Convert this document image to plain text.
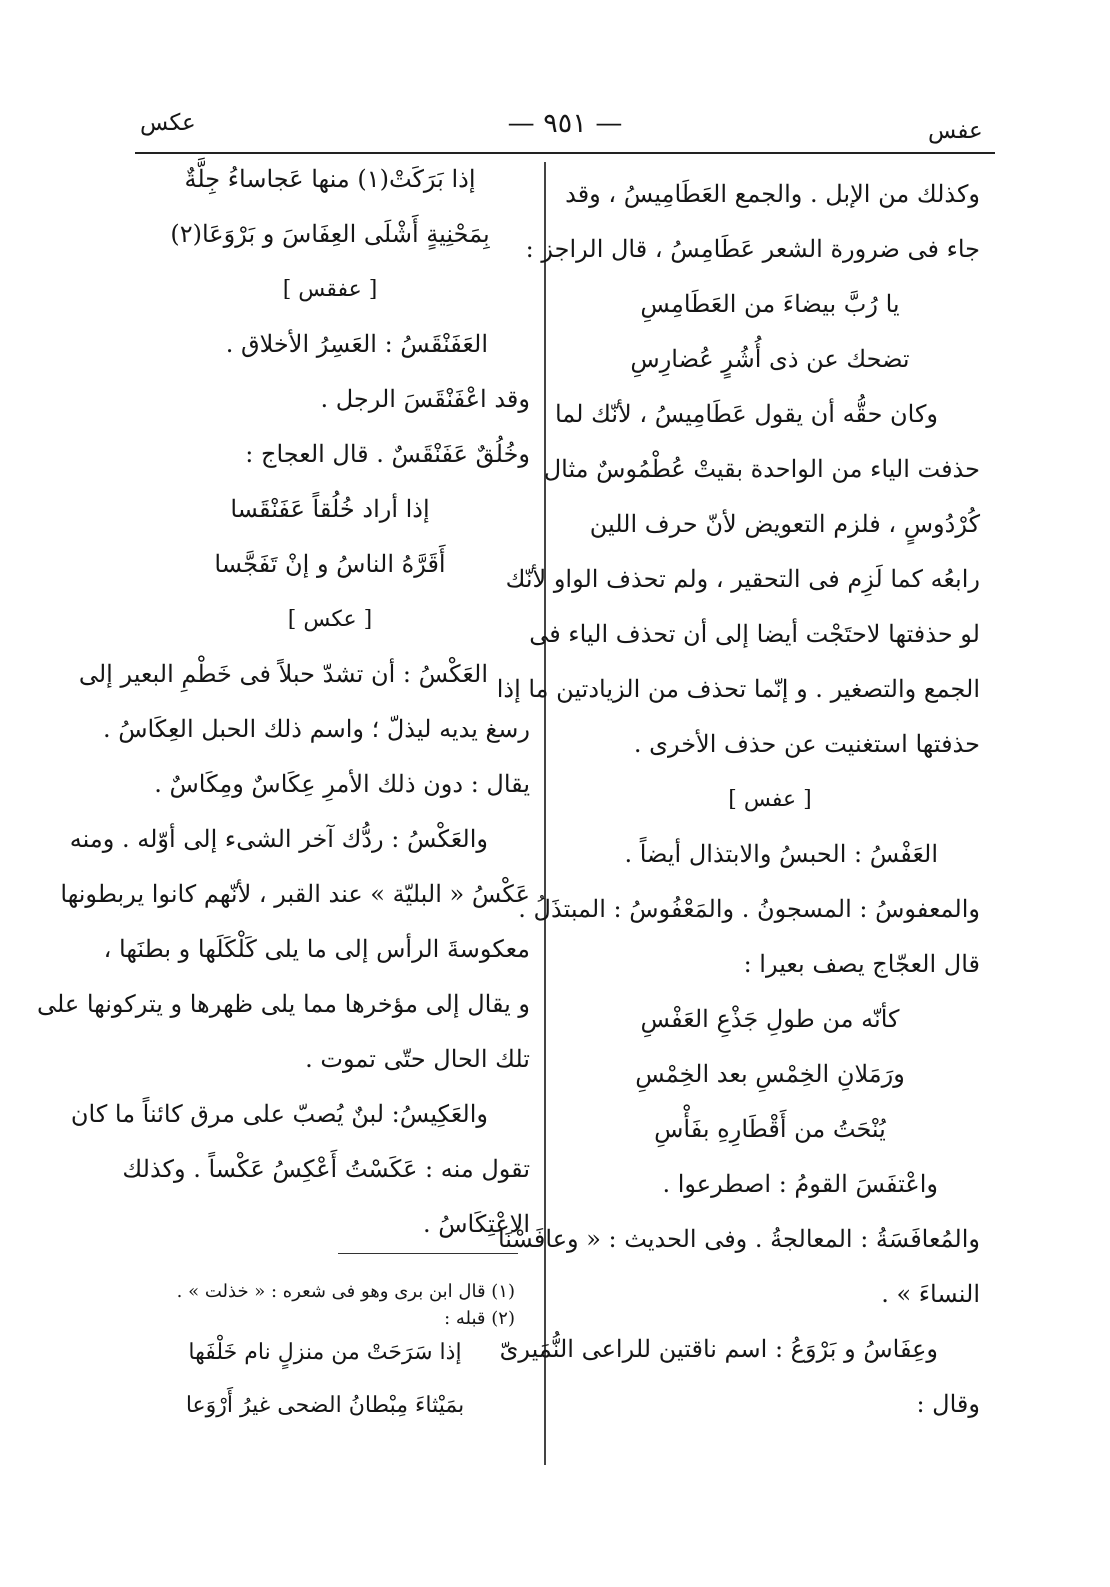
عكس	— ٩٥١ —	عفس

وكذلك من الإبل . والجمع العَطَامِيسُ ، وقد

جاء فى ضرورة الشعر عَطَامِسُ ، قال الراجز :

يا رُبَّ بيضاءَ من العَطَامِسِ

تضحك عن ذى أُشُرٍ عُضارِسِ

وكان حقُّه أن يقول عَطَامِيسُ ، لأنّك لما

حذفت الياء من الواحدة بقيتْ عُطْمُوسٌ مثال

كُرْدُوسٍ ، فلزم التعويض لأنّ حرف اللين

رابعُه كما لَزِم فى التحقير ، ولم تحذف الواو لأنّك

لو حذفتها لاحتَجْت أيضا إلى أن تحذف الياء فى

الجمع والتصغير . و إنّما تحذف من الزيادتين ما إذا

حذفتها استغنيت عن حذف الأخرى .

[ عفس ]

العَفْسُ : الحبسُ والابتذال أيضاً .

والمعفوسُ : المسجونُ . والمَعْفُوسُ : المبتذَلُ .

قال العجّاج يصف بعيرا :

كأنّه من طولِ جَذْعِ العَفْسِ

ورَمَلانِ الخِمْسِ بعد الخِمْسِ

يُنْحَتُ من أَقْطَارِهِ بفَأْسِ

واعْتفَسَ القومُ : اصطرعوا .

والمُعافَسَةُ : المعالجةُ . وفى الحديث : « وعافَسْنَا

النساءَ » .

وعِفَاسُ و بَرْوَعُ : اسم ناقتين للراعى النُّمَيرىّ

وقال :

إذا بَرَكَتْ(١) منها عَجاساءُ جِلَّةٌ

بِمَحْنِيةٍ أَشْلَى العِفَاسَ و بَرْوَعَا(٢)

[ عفقس ]

العَفَنْقَسُ : العَسِرُ الأخلاق .

وقد اعْفَنْقَسَ الرجل .

وخُلُقٌ عَفَنْقَسٌ . قال العجاج :

إذا أراد خُلُقاً عَفَنْقَسا

أَقَرَّهُ الناسُ و إنْ تَفَجَّسا

[ عكس ]

العَكْسُ : أن تشدّ حبلاً فى خَطْمِ البعير إلى

رسغ يديه ليذلّ ؛ واسم ذلك الحبل العِكَاسُ .

يقال : دون ذلك الأمرِ عِكَاسٌ ومِكَاسٌ .

والعَكْسُ : ردُّك آخر الشىء إلى أوّله . ومنه

عَكْسُ « البليّة » عند القبر ، لأنّهم كانوا يربطونها

معكوسةَ الرأس إلى ما يلى كَلْكَلَها و بطنَها ،

و يقال إلى مؤخرها مما يلى ظهرها و يتركونها على

تلك الحال حتّى تموت .

والعَكِيسُ: لبنٌ يُصبّ على مرق كائناً ما كان

تقول منه : عَكَسْتُ أَعْكِسُ عَكْساً . وكذلك

الاعْتِكَاسُ .

(١) قال ابن برى وهو فى شعره : « خذلت » .

(٢) قبله :

إذا سَرَحَتْ من منزلٍ نام خَلْفَها
بمَيْثاءَ مِبْطانُ الضحى غيرُ أَرْوَعا
